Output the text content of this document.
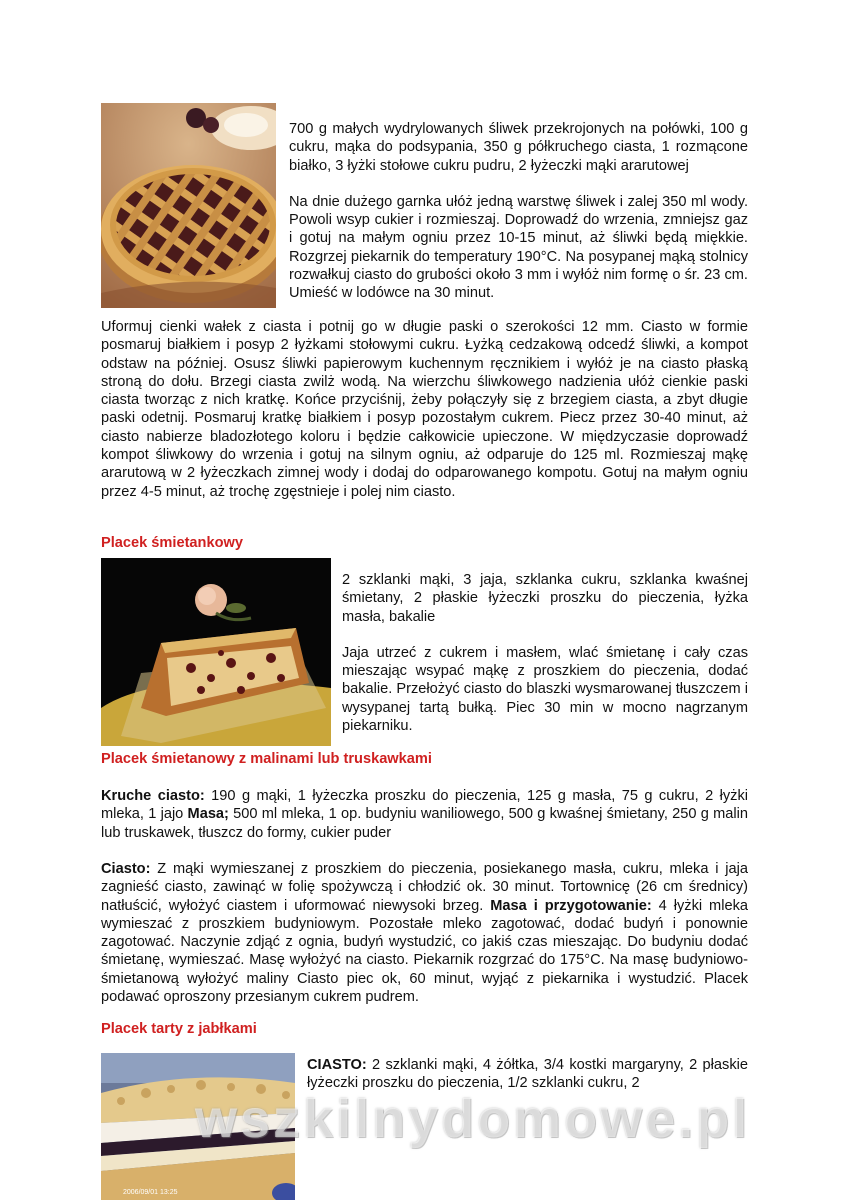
700 g małych wydrylowanych śliwek przekrojonych na połówki, 100 g cukru, mąka do podsypania, 350 g półkruchego ciasta, 1 rozmącone białko, 3 łyżki stołowe cukru pudru, 2 łyżeczki mąki ararutowej

Na dnie dużego garnka ułóż jedną warstwę śliwek i zalej 350 ml wody. Powoli wsyp cukier i rozmieszaj. Doprowadź do wrzenia, zmniejsz gaz i gotuj na małym ogniu przez 10-15 minut, aż śliwki będą miękkie. Rozgrzej piekarnik do temperatury 190°C. Na posypanej mąką stolnicy rozwałkuj ciasto do grubości około 3 mm i wyłóż nim formę o śr. 23 cm. Umieść w lodówce na 30 minut.

Uformuj cienki wałek z ciasta i potnij go w długie paski o szerokości 12 mm. Ciasto w formie posmaruj białkiem i posyp 2 łyżkami stołowymi cukru. Łyżką cedzakową odcedź śliwki, a kompot odstaw na później. Osusz śliwki papierowym kuchennym ręcznikiem i wyłóż je na ciasto płaską stroną do dołu. Brzegi ciasta zwilż wodą. Na wierzchu śliwkowego nadzienia ułóż cienkie paski ciasta tworząc z nich kratkę. Końce przyciśnij, żeby połączyły się z brzegiem ciasta, a zbyt długie paski odetnij. Posmaruj kratkę białkiem i posyp pozostałym cukrem. Piecz przez 30-40 minut, aż ciasto nabierze bladozłotego koloru i będzie całkowicie upieczone. W międzyczasie doprowadź kompot śliwkowy do wrzenia i gotuj na silnym ogniu, aż odparuje do 125 ml. Rozmieszaj mąkę ararutową w 2 łyżeczkach zimnej wody i dodaj do odparowanego kompotu. Gotuj na małym ogniu przez 4-5 minut, aż trochę zgęstnieje i polej nim ciasto.

Placek śmietankowy

2 szklanki mąki, 3 jaja, szklanka cukru, szklanka kwaśnej śmietany, 2 płaskie łyżeczki proszku do pieczenia, łyżka masła, bakalie

Jaja utrzeć z cukrem i masłem, wlać śmietanę i cały czas mieszając wsypać mąkę z proszkiem do pieczenia, dodać bakalie. Przełożyć ciasto do blaszki wysmarowanej tłuszczem i wysypanej tartą bułką. Piec 30 min w mocno nagrzanym piekarniku.

Placek śmietanowy z malinami lub truskawkami

Kruche ciasto: 190 g mąki, 1 łyżeczka proszku do pieczenia, 125 g masła, 75 g cukru, 2 łyżki mleka, 1 jajo Masa; 500 ml mleka, 1 op. budyniu waniliowego, 500 g kwaśnej śmietany, 250 g malin lub truskawek, tłuszcz do formy, cukier puder

Ciasto: Z mąki wymieszanej z proszkiem do pieczenia, posiekanego masła, cukru, mleka i jaja zagnieść ciasto, zawinąć w folię spożywczą i chłodzić ok. 30 minut. Tortownicę (26 cm średnicy) natłuścić, wyłożyć ciastem i uformować niewysoki brzeg. Masa i przygotowanie: 4 łyżki mleka wymieszać z proszkiem budyniowym. Pozostałe mleko zagotować, dodać budyń i ponownie zagotować. Naczynie zdjąć z ognia, budyń wystudzić, co jakiś czas mieszając. Do budyniu dodać śmietanę, wymieszać. Masę wyłożyć na ciasto. Piekarnik rozgrzać do 175°C. Na masę budyniowo-śmietanową wyłożyć maliny Ciasto piec ok, 60 minut, wyjąć z piekarnika i wystudzić. Placek podawać oproszony przesianym cukrem pudrem.

Placek tarty z jabłkami
2006/09/01 13:25

CIASTO: 2 szklanki mąki, 4 żółtka, 3/4 kostki margaryny, 2 płaskie łyżeczki proszku do pieczenia, 1/2 szklanki cukru, 2

wszkilnydomowe.pl
